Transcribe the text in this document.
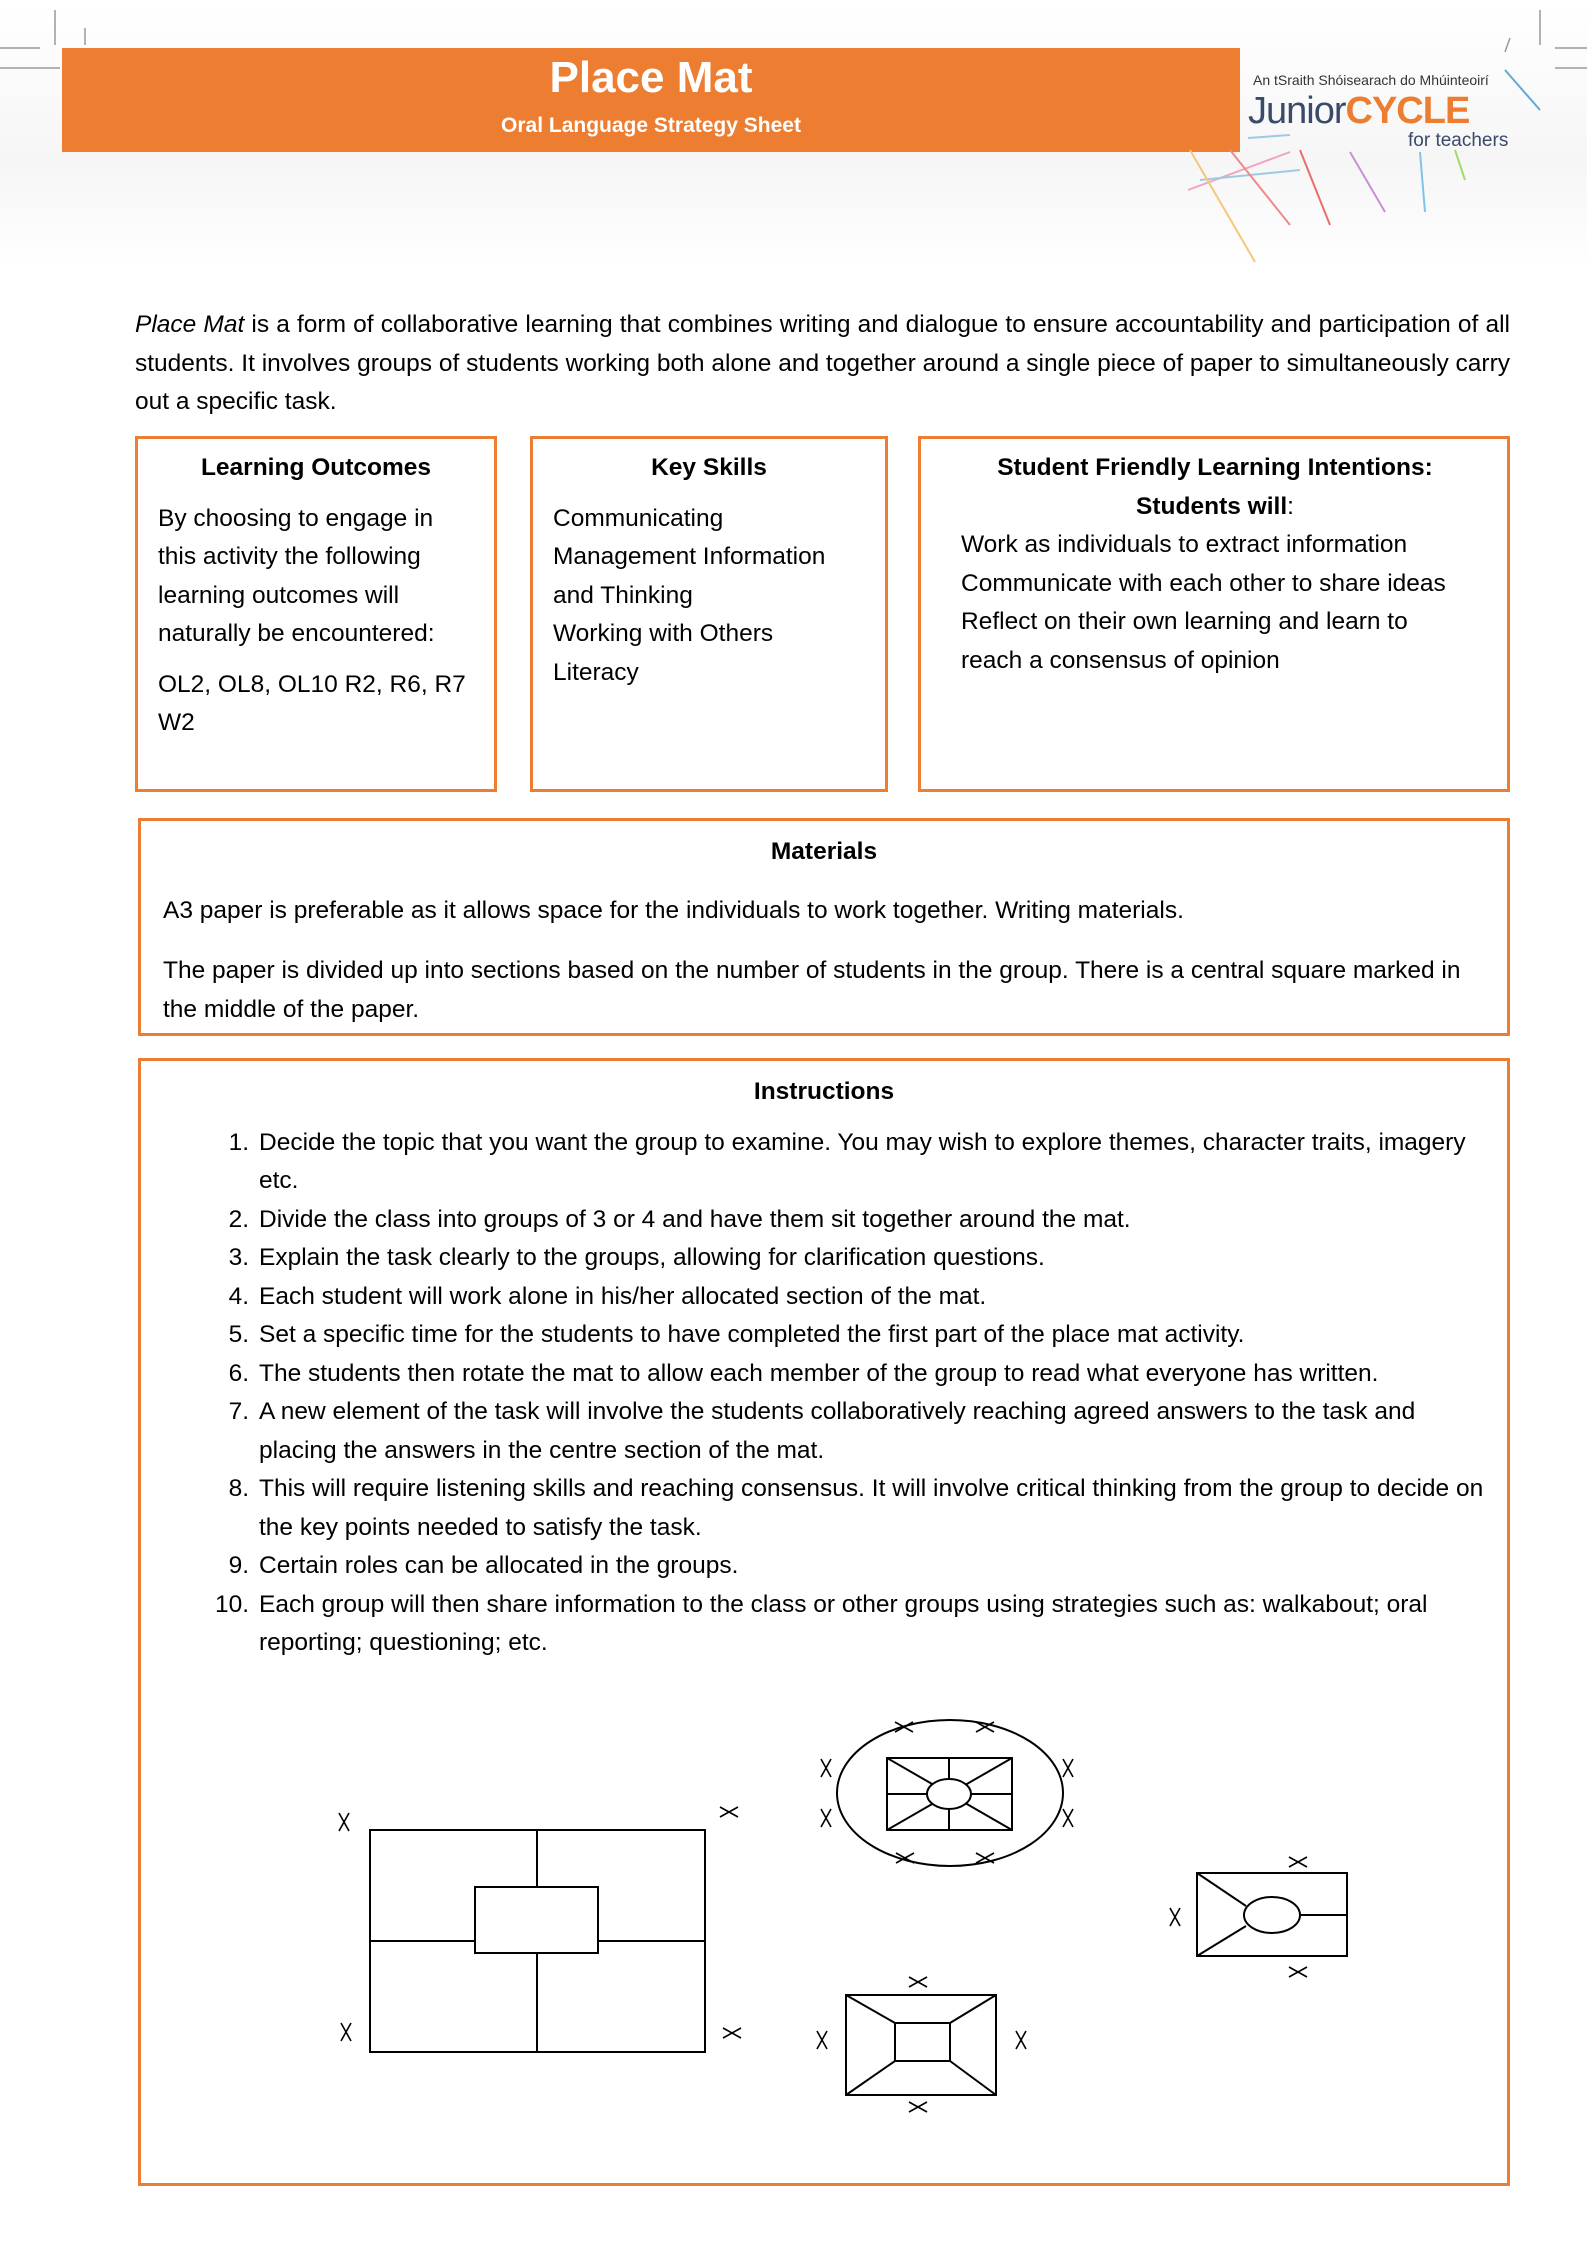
Place Mat
Oral Language Strategy Sheet
An tSraith Shóisearach do Mhúinteoirí
JuniorCYCLE
for teachers

Place Mat is a form of collaborative learning that combines writing and dialogue to ensure accountability and participation of all students. It involves groups of students working both alone and together around a single piece of paper to simultaneously carry out a specific task.

Learning Outcomes
By choosing to engage in this activity the following learning outcomes will naturally be encountered:
OL2, OL8, OL10 R2, R6, R7 W2
Key Skills
Communicating
Management Information and Thinking
Working with Others
Literacy
Student Friendly Learning Intentions:
Students will:
Work as individuals to extract information
Communicate with each other to share ideas
Reflect on their own learning and learn to reach a consensus of opinion
Materials
A3 paper is preferable as it allows space for the individuals to work together. Writing materials.
The paper is divided up into sections based on the number of students in the group. There is a central square marked in the middle of the paper.
Instructions
1. Decide the topic that you want the group to examine. You may wish to explore themes, character traits, imagery etc.
2. Divide the class into groups of 3 or 4 and have them sit together around the mat.
3. Explain the task clearly to the groups, allowing for clarification questions.
4. Each student will work alone in his/her allocated section of the mat.
5. Set a specific time for the students to have completed the first part of the place mat activity.
6. The students then rotate the mat to allow each member of the group to read what everyone has written.
7. A new element of the task will involve the students collaboratively reaching agreed answers to the task and placing the answers in the centre section of the mat.
8. This will require listening skills and reaching consensus. It will involve critical thinking from the group to decide on the key points needed to satisfy the task.
9. Certain roles can be allocated in the groups.
10. Each group will then share information to the class or other groups using strategies such as: walkabout; oral reporting; questioning; etc.
